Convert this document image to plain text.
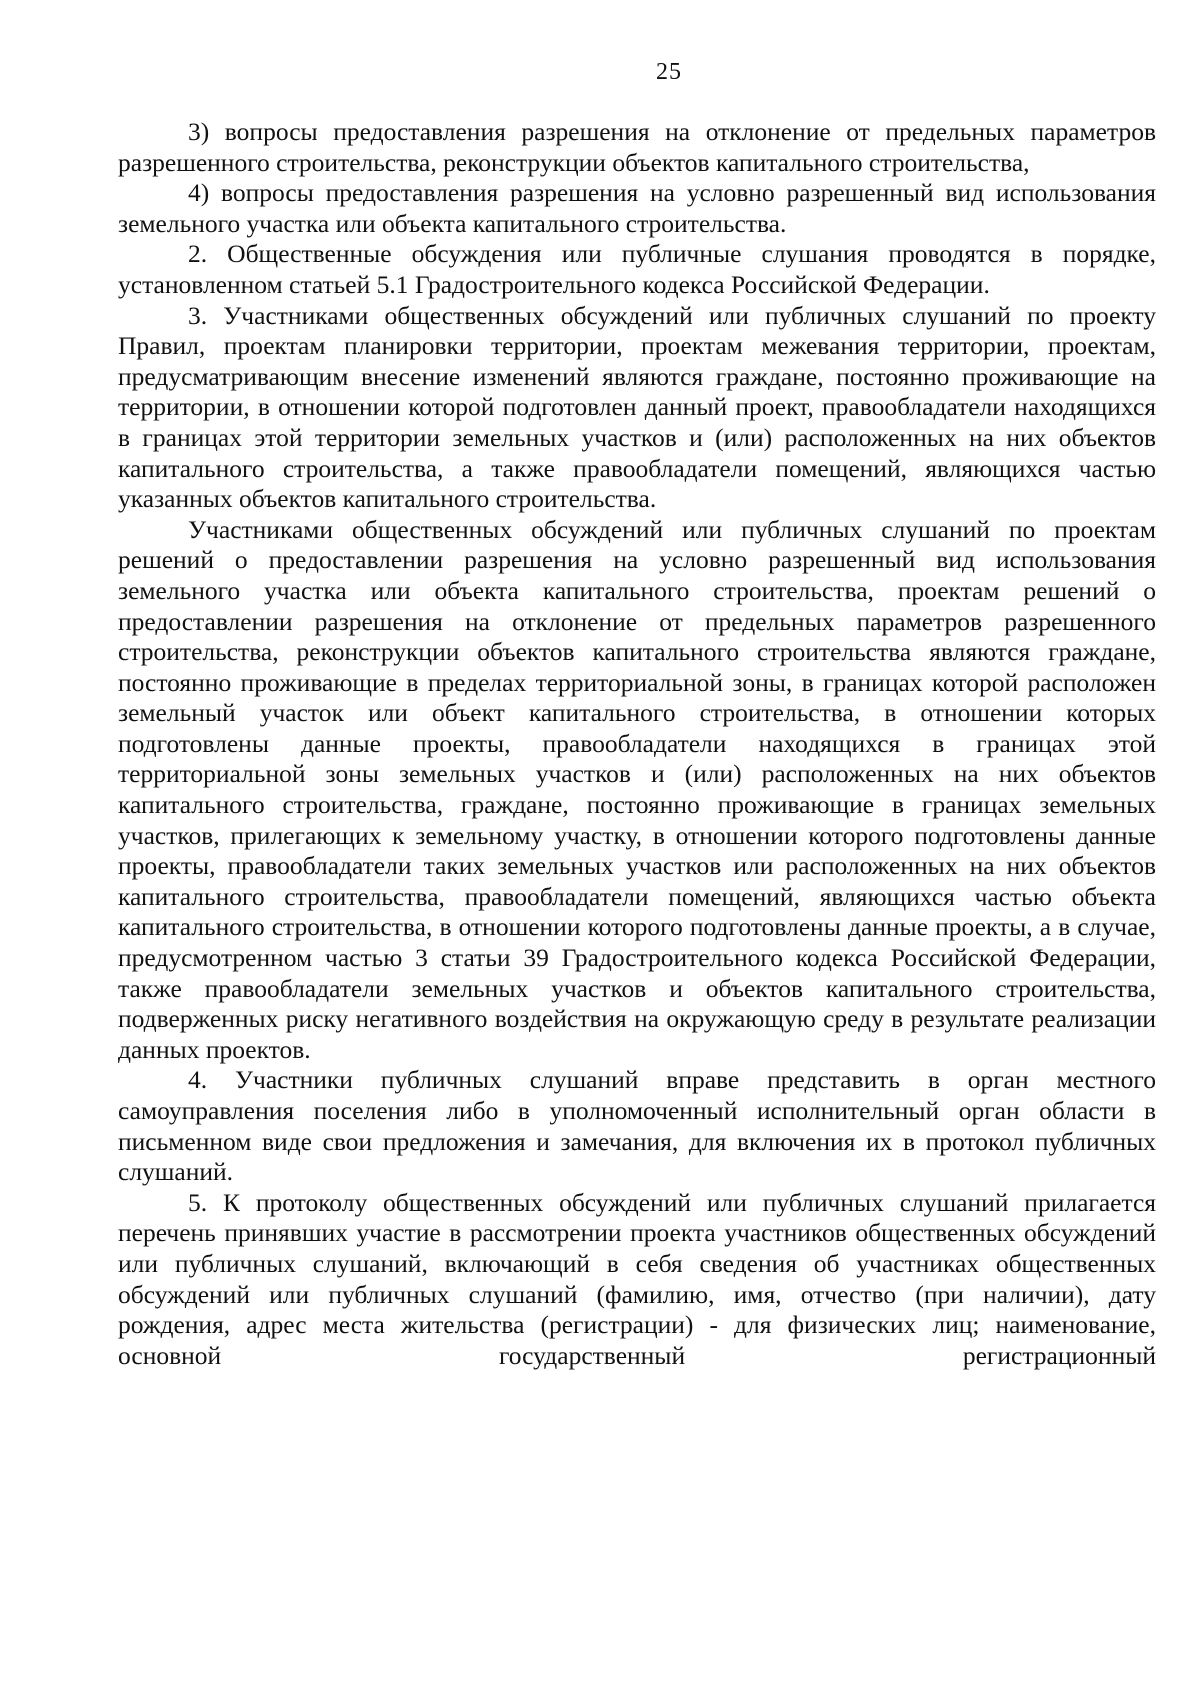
25

3) вопросы предоставления разрешения на отклонение от предельных параметров разрешенного строительства, реконструкции объектов капитального строительства,

4) вопросы предоставления разрешения на условно разрешенный вид использования земельного участка или объекта капитального строительства.

2. Общественные обсуждения или публичные слушания проводятся в порядке, установленном статьей 5.1 Градостроительного кодекса Российской Федерации.

3. Участниками общественных обсуждений или публичных слушаний по проекту Правил, проектам планировки территории, проектам межевания территории, проектам, предусматривающим внесение изменений являются граждане, постоянно проживающие на территории, в отношении которой подготовлен данный проект, правообладатели находящихся в границах этой территории земельных участков и (или) расположенных на них объектов капитального строительства, а также правообладатели помещений, являющихся частью указанных объектов капитального строительства.

Участниками общественных обсуждений или публичных слушаний по проектам решений о предоставлении разрешения на условно разрешенный вид использования земельного участка или объекта капитального строительства, проектам решений о предоставлении разрешения на отклонение от предельных параметров разрешенного строительства, реконструкции объектов капитального строительства являются граждане, постоянно проживающие в пределах территориальной зоны, в границах которой расположен земельный участок или объект капитального строительства, в отношении которых подготовлены данные проекты, правообладатели находящихся в границах этой территориальной зоны земельных участков и (или) расположенных на них объектов капитального строительства, граждане, постоянно проживающие в границах земельных участков, прилегающих к земельному участку, в отношении которого подготовлены данные проекты, правообладатели таких земельных участков или расположенных на них объектов капитального строительства, правообладатели помещений, являющихся частью объекта капитального строительства, в отношении которого подготовлены данные проекты, а в случае, предусмотренном частью 3 статьи 39 Градостроительного кодекса Российской Федерации, также правообладатели земельных участков и объектов капитального строительства, подверженных риску негативного воздействия на окружающую среду в результате реализации данных проектов.

4. Участники публичных слушаний вправе представить в орган местного самоуправления поселения либо в уполномоченный исполнительный орган области в письменном виде свои предложения и замечания, для включения их в протокол публичных слушаний.

5. К протоколу общественных обсуждений или публичных слушаний прилагается перечень принявших участие в рассмотрении проекта участников общественных обсуждений или публичных слушаний, включающий в себя сведения об участниках общественных обсуждений или публичных слушаний (фамилию, имя, отчество (при наличии), дату рождения, адрес места жительства (регистрации) - для физических лиц; наименование, основной государственный регистрационный
